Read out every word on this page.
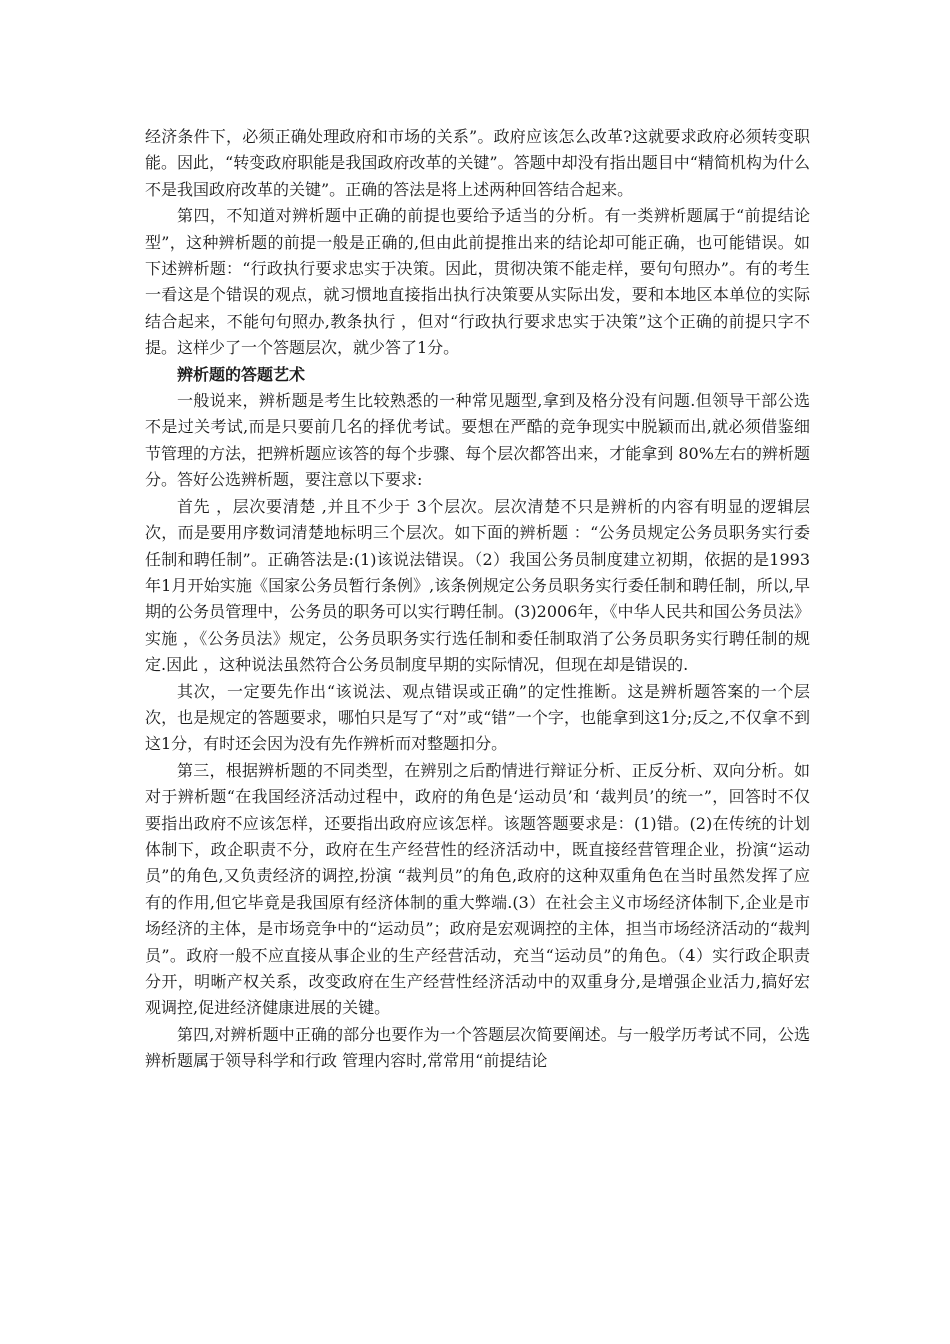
经济条件下，必须正确处理政府和市场的关系”。政府应该怎么改革?这就要求政府必须转变职能。因此，“转变政府职能是我国政府改革的关键”。答题中却没有指出题目中“精简机构为什么不是我国政府改革的关键”。正确的答法是将上述两种回答结合起来。

第四，不知道对辨析题中正确的前提也要给予适当的分析。有一类辨析题属于“前提结论型”，这种辨析题的前提一般是正确的,但由此前提推出来的结论却可能正确，也可能错误。如下述辨析题：“行政执行要求忠实于决策。因此，贯彻决策不能走样，要句句照办”。有的考生一看这是个错误的观点，就习惯地直接指出执行决策要从实际出发，要和本地区本单位的实际结合起来，不能句句照办,教条执行 ，但对“行政执行要求忠实于决策”这个正确的前提只字不提。这样少了一个答题层次，就少答了1分。

辨析题的答题艺术

一般说来，辨析题是考生比较熟悉的一种常见题型,拿到及格分没有问题.但领导干部公选不是过关考试,而是只要前几名的择优考试。要想在严酷的竞争现实中脱颖而出,就必须借鉴细节管理的方法，把辨析题应该答的每个步骤、每个层次都答出来，才能拿到 80%左右的辨析题分。答好公选辨析题，要注意以下要求:

首先 ，层次要清楚 ,并且不少于 3个层次。层次清楚不只是辨析的内容有明显的逻辑层次，而是要用序数词清楚地标明三个层次。如下面的辨析题 ：“公务员规定公务员职务实行委任制和聘任制”。正确答法是:(1)该说法错误。（2）我国公务员制度建立初期，依据的是1993年1月开始实施《国家公务员暂行条例》,该条例规定公务员职务实行委任制和聘任制，所以,早期的公务员管理中，公务员的职务可以实行聘任制。(3)2006年，《中华人民共和国公务员法》实施 ，《公务员法》规定，公务员职务实行选任制和委任制取消了公务员职务实行聘任制的规定.因此 ，这种说法虽然符合公务员制度早期的实际情况，但现在却是错误的.

其次，一定要先作出“该说法、观点错误或正确”的定性推断。这是辨析题答案的一个层次，也是规定的答题要求，哪怕只是写了“对”或“错”一个字，也能拿到这1分;反之,不仅拿不到这1分，有时还会因为没有先作辨析而对整题扣分。

第三，根据辨析题的不同类型，在辨别之后酌情进行辩证分析、正反分析、双向分析。如对于辨析题“在我国经济活动过程中，政府的角色是‘运动员’和 ‘裁判员’的统一”，回答时不仅要指出政府不应该怎样，还要指出政府应该怎样。该题答题要求是：(1)错。(2)在传统的计划体制下，政企职责不分，政府在生产经营性的经济活动中，既直接经营管理企业，扮演“运动员”的角色,又负责经济的调控,扮演 “裁判员”的角色,政府的这种双重角色在当时虽然发挥了应有的作用,但它毕竟是我国原有经济体制的重大弊端.(3）在社会主义市场经济体制下,企业是市场经济的主体，是市场竞争中的“运动员”；政府是宏观调控的主体，担当市场经济活动的“裁判员”。政府一般不应直接从事企业的生产经营活动，充当“运动员”的角色。（4）实行政企职责分开，明晰产权关系，改变政府在生产经营性经济活动中的双重身分,是增强企业活力,搞好宏观调控,促进经济健康进展的关键。

第四,对辨析题中正确的部分也要作为一个答题层次简要阐述。与一般学历考试不同，公选辨析题属于领导科学和行政 管理内容时,常常用“前提结论
